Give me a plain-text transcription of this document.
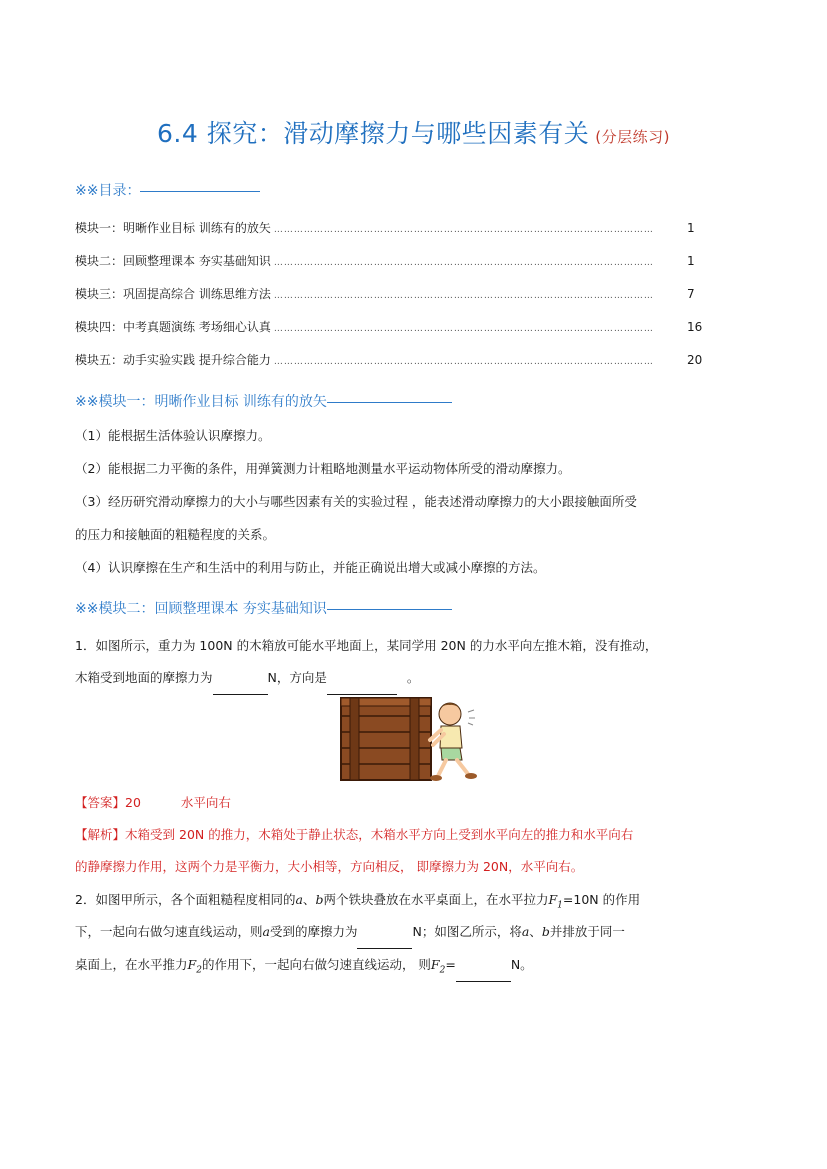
6.4 探究：滑动摩擦力与哪些因素有关 (分层练习)
※※目录：
模块一：明晰作业目标 训练有的放矢 ……………………………………………………………………………………………………	1
模块二：回顾整理课本 夯实基础知识 ……………………………………………………………………………………………………	1
模块三：巩固提高综合 训练思维方法 ……………………………………………………………………………………………………	7
模块四：中考真题演练 考场细心认真 ……………………………………………………………………………………………………	16
模块五：动手实验实践 提升综合能力 ……………………………………………………………………………………………………	20
※※模块一：明晰作业目标 训练有的放矢
（1）能根据生活体验认识摩擦力。
（2）能根据二力平衡的条件，用弹簧测力计粗略地测量水平运动物体所受的滑动摩擦力。
（3）经历研究滑动摩擦力的大小与哪些因素有关的实验过程 ，能表述滑动摩擦力的大小跟接触面所受
的压力和接触面的粗糙程度的关系。
（4）认识摩擦在生产和生活中的利用与防止，并能正确说出增大或减小摩擦的方法。
※※模块二：回顾整理课本 夯实基础知识
1．如图所示，重力为 100N 的木箱放可能水平地面上，某同学用 20N 的力水平向左推木箱，没有推动，
木箱受到地面的摩擦力为	N，方向是	。
【答案】20	水平向右
【解析】木箱受到 20N 的推力，木箱处于静止状态，木箱水平方向上受到水平向左的推力和水平向右
的静摩擦力作用，这两个力是平衡力，大小相等，方向相反， 即摩擦力为 20N，水平向右。
2．如图甲所示，各个面粗糙程度相同的a、b两个铁块叠放在水平桌面上，在水平拉力$F_1=10N$ 的作用
下，一起向右做匀速直线运动，则a受到的摩擦力为	N；如图乙所示，将a、b并排放于同一
桌面上，在水平推力$F_2$的作用下，一起向右做匀速直线运动， 则$F_2=$	N。
